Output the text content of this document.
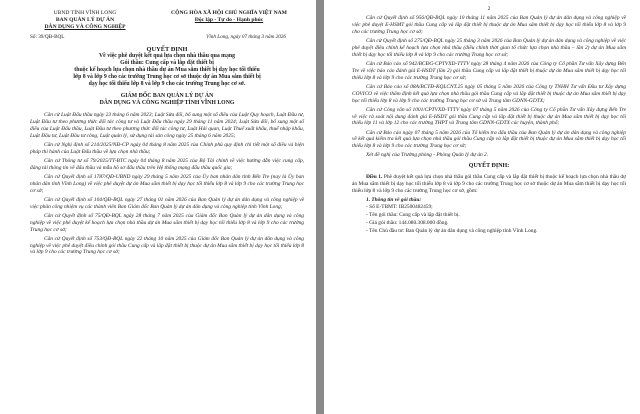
UBND TỈNH VĨNH LONG
BAN QUẢN LÝ DỰ ÁN
DÂN DỤNG VÀ CÔNG NGHIỆP
CỘNG HÒA XÃ HỘI CHỦ NGHĨA VIỆT NAM
Độc lập - Tự do - Hạnh phúc
Số: 39/QĐ-BQL	Vĩnh Long, ngày 07 tháng 3 năm 2026
QUYẾT ĐỊNH
Về việc phê duyệt kết quả lựa chọn nhà thầu qua mạng
Gói thầu: Cung cấp và lắp đặt thiết bị
thuộc kế hoạch lựa chọn nhà thầu dự án Mua sắm thiết bị dạy học tối thiểu
lớp 8 và lớp 9 cho các trường Trung học cơ sở thuộc dự án Mua sắm thiết bị
dạy học tối thiểu lớp 8 và lớp 9 cho các trường Trung học cơ sở.
GIÁM ĐỐC BAN QUẢN LÝ DỰ ÁN
DÂN DỤNG VÀ CÔNG NGHIỆP TỈNH VĨNH LONG

Căn cứ Luật Đấu thầu ngày 23 tháng 6 năm 2023; Luật Sửa đổi, bổ sung một số điều của Luật Quy hoạch, Luật Đầu tư, Luật Đầu tư theo phương thức đối tác công tư và Luật Đấu thầu ngày 29 tháng 11 năm 2024; Luật Sửa đổi, bổ sung một số điều của Luật Đấu thầu, Luật Đầu tư theo phương thức đối tác công tư, Luật Hải quan, Luật Thuế xuất khẩu, thuế nhập khẩu, Luật Đầu tư, Luật Đầu tư công, Luật quản lý, sử dụng tài sản công ngày 25 tháng 6 năm 2025;

Căn cứ Nghị định số 214/2025/NĐ-CP ngày 04 tháng 8 năm 2025 của Chính phủ quy định chi tiết một số điều và biện pháp thi hành của Luật Đấu thầu về lựa chọn nhà thầu;

Căn cứ Thông tư số 79/2025/TT-BTC ngày 04 tháng 8 năm 2025 của Bộ Tài chính về việc hướng dẫn việc cung cấp, đăng tải thông tin về đấu thầu và mẫu hồ sơ đấu thầu trên Hệ thống mạng đấu thầu quốc gia;

Căn cứ Quyết định số 1787/QĐ-UBND ngày 29 tháng 5 năm 2025 của Ủy ban nhân dân tỉnh Bến Tre (nay là Ủy ban nhân dân tỉnh Vĩnh Long) về việc phê duyệt dự án Mua sắm thiết bị dạy học tối thiểu lớp 8 và lớp 9 cho các trường Trung học cơ sở;

Căn cứ Quyết định số 104/QĐ-BQL ngày 27 tháng 01 năm 2026 của Ban Quản lý dự án dân dụng và công nghiệp về việc phân công nhiệm vụ các thành viên Ban Giám đốc Ban Quản lý dự án dân dụng và công nghiệp tỉnh Vĩnh Long;

Căn cứ Quyết định số 75/QĐ-BQL ngày 28 tháng 7 năm 2025 của Giám đốc Ban Quản lý dự án dân dụng và công nghiệp về việc phê duyệt kế hoạch lựa chọn nhà thầu dự án Mua sắm thiết bị dạy học tối thiểu lớp 8 và lớp 9 cho các trường Trung học cơ sở;

Căn cứ Quyết định số 753/QĐ-BQL ngày 22 tháng 10 năm 2025 của Giám đốc Ban Quản lý dự án dân dụng và công nghiệp về việc phê duyệt điều chỉnh gói thầu Cung cấp và lắp đặt thiết bị thuộc dự án Mua sắm thiết bị dạy học tối thiểu lớp 8 và lớp 9 cho các trường Trung học cơ sở;

2

Căn cứ Quyết định số 956/QĐ-BQL ngày 10 tháng 11 năm 2025 của Ban Quản lý dự án dân dụng và công nghiệp về việc phê duyệt E-HSMT gói thầu Cung cấp và lắp đặt thiết bị thuộc dự án Mua sắm thiết bị dạy học tối thiểu lớp 8 và lớp 9 cho các trường Trung học cơ sở;

Căn cứ Quyết định số 275/QĐ-BQL ngày 25 tháng 3 năm 2026 của Ban Quản lý dự án dân dụng và công nghiệp về việc phê duyệt điều chỉnh kế hoạch lựa chọn nhà thầu (điều chỉnh thời gian tổ chức lựa chọn nhà thầu – lần 2) dự án Mua sắm thiết bị dạy học tối thiểu lớp 8 và lớp 9 cho các trường Trung học cơ sở;

Căn cứ Báo cáo số 942/BCĐG-CPTVXD-TTTV ngày 28 tháng 4 năm 2026 của Công ty Cổ phần Tư vấn Xây dựng Bến Tre về việc báo cáo đánh giá E-HSDT (lần 2) gói thầu Cung cấp và lắp đặt thiết bị thuộc dự án Mua sắm thiết bị dạy học tối thiểu lớp 8 và lớp 9 cho các trường Trung học cơ sở;

Căn cứ Báo cáo số 08A/BCTĐ-KQLCNT.25 ngày 05 tháng 5 năm 2026 của Công ty TNHH Tư vấn Đầu tư Xây dựng COVICO về việc thẩm định kết quả lựa chọn nhà thầu gói thầu Cung cấp và lắp đặt thiết bị thuộc dự án Mua sắm thiết bị dạy học tối thiểu lớp 8 và lớp 9 cho các trường Trung học cơ sở và Trung tâm GDNN-GDTX;

Căn cứ Công văn số 1001/CPTVXD-TTTV ngày 07 tháng 5 năm 2026 của Công ty Cổ phần Tư vấn Xây dựng Bến Tre về việc rà soát nội dung đánh giá E-HSDT gói thầu Cung cấp và lắp đặt thiết bị thuộc dự án Mua sắm thiết bị dạy học tối thiểu lớp 11 và lớp 12 cho các trường THPT và Trung tâm GDNN-GDTX các huyện, thành phố;

Căn cứ Báo cáo ngày 07 tháng 5 năm 2026 của Tổ kiểm tra đấu thầu của Ban Quản lý dự án dân dụng và công nghiệp về kết quả kiểm tra kết quả lựa chọn nhà thầu gói thầu Cung cấp và lắp đặt thiết bị thuộc dự án Mua sắm thiết bị dạy học tối thiểu lớp 8 và lớp 9 cho các trường Trung học cơ sở;

Xét đề nghị của Trưởng phòng - Phòng Quản lý dự án 2.

QUYẾT ĐỊNH:

Điều 1. Phê duyệt kết quả lựa chọn nhà thầu gói thầu Cung cấp và lắp đặt thiết bị thuộc kế hoạch lựa chọn nhà thầu dự án Mua sắm thiết bị dạy học tối thiểu lớp 8 và lớp 9 cho các trường Trung học cơ sở thuộc dự án Mua sắm thiết bị dạy học tối thiểu lớp 8 và lớp 9 cho các trường Trung học cơ sở, gồm:

1. Thông tin về gói thầu:
- Số E-TBMT: IB2500482459;
- Tên gói thầu: Cung cấp và lắp đặt thiết bị.
- Giá gói thầu: 144.080.308.000 đồng.
- Tên Chủ đầu tư: Ban Quản lý dự án dân dụng và công nghiệp tỉnh Vĩnh Long.
